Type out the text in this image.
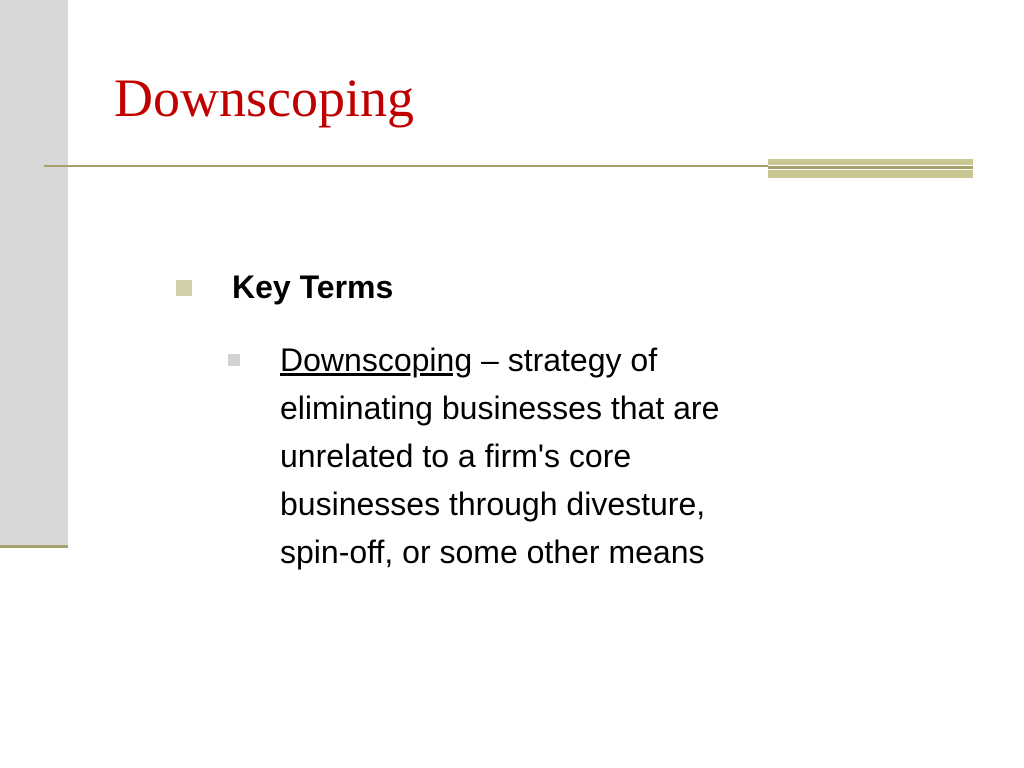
Downscoping
Key Terms
Downscoping – strategy of
eliminating businesses that are
unrelated to a firm's core
businesses through divesture,
spin-off, or some other means
